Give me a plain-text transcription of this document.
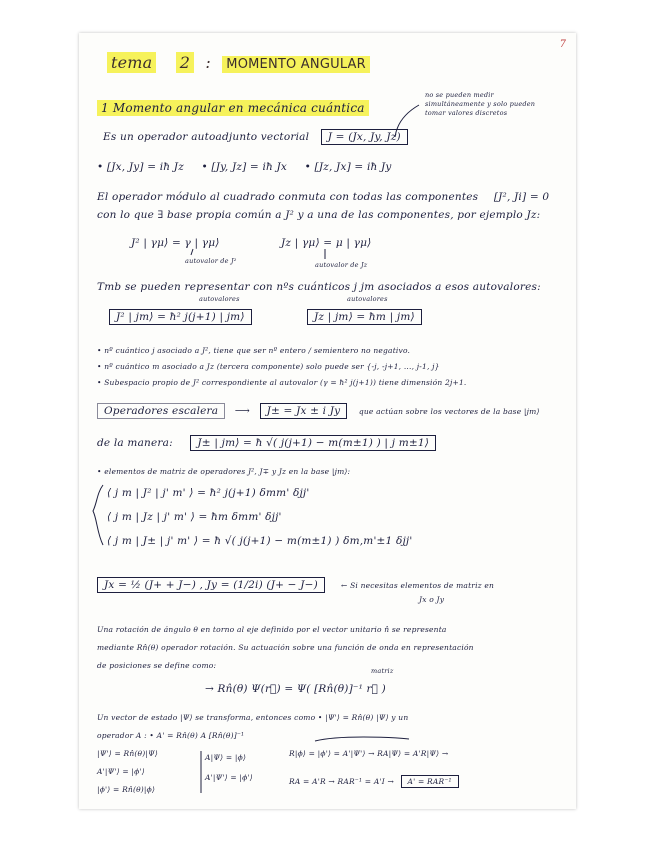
7
tema 2 : MOMENTO ANGULAR
1 Momento angular en mecánica cuántica
no se pueden medir simultáneamente y solo pueden tomar valores discretos
Es un operador autoadjunto vectorial J = (Jx, Jy, Jz)
• [Jx, Jy] = iħ Jz • [Jy, Jz] = iħ Jx • [Jz, Jx] = iħ Jy
El operador módulo al cuadrado conmuta con todas las componentes [J², Ji] = 0
con lo que ∃ base propia común a J² y a una de las componentes, por ejemplo Jz:
J² | γμ⟩ = γ | γμ⟩	Jz | γμ⟩ = μ | γμ⟩
autovalor de J²	autovalor de Jz
Tmb se pueden representar con nºs cuánticos j jm asociados a esos autovalores:
autovalores	autovalores
J² | jm⟩ = ħ² j(j+1) | jm⟩	Jz | jm⟩ = ħm | jm⟩
• nº cuántico j asociado a J², tiene que ser nº entero / semientero no negativo.
• nº cuántico m asociado a Jz (tercera componente) solo puede ser {-j, -j+1, ..., j-1, j}
• Subespacio propio de J² correspondiente al autovalor (γ = ħ² j(j+1)) tiene dimensión 2j+1.
Operadores escalera ⟶ J± = Jx ± i Jy que actúan sobre los vectores de la base |jm⟩
de la manera: J± | jm⟩ = ħ √( j(j+1) − m(m±1) ) | j m±1⟩
• elementos de matriz de operadores J², J∓ y Jz en la base |jm⟩:
⟨ j m | J² | j' m' ⟩ = ħ² j(j+1) δmm' δjj'
⟨ j m | Jz | j' m' ⟩ = ħm δmm' δjj'
⟨ j m | J± | j' m' ⟩ = ħ √( j(j+1) − m(m±1) ) δm,m'±1 δjj'
Jx = ½ (J+ + J−) , Jy = (1/2i) (J+ − J−)	← Si necesitas elementos de matriz en
Jx o Jy
Una rotación de ángulo θ en torno al eje definido por el vector unitario n̂ se representa
mediante Rn̂(θ) operador rotación. Su actuación sobre una función de onda en representación
de posiciones se define como:
matriz
→ Rn̂(θ) Ψ(r⃗) = Ψ( [Rn̂(θ)]⁻¹ r⃗ )
Un vector de estado |Ψ⟩ se transforma, entonces como • |Ψ'⟩ = Rn̂(θ) |Ψ⟩ y un
operador A : • A' = Rn̂(θ) A [Rn̂(θ)]⁻¹
|Ψ'⟩ = Rn̂(θ)|Ψ⟩
A'|Ψ'⟩ = |ϕ'⟩
|ϕ'⟩ = Rn̂(θ)|ϕ⟩
A|Ψ⟩ = |ϕ⟩
A'|Ψ'⟩ = |ϕ'⟩
R|ϕ⟩ = |ϕ'⟩ = A'|Ψ'⟩ → RA|Ψ⟩ = A'R|Ψ⟩ →
RA = A'R → RAR⁻¹ = A'I → A' = RAR⁻¹
